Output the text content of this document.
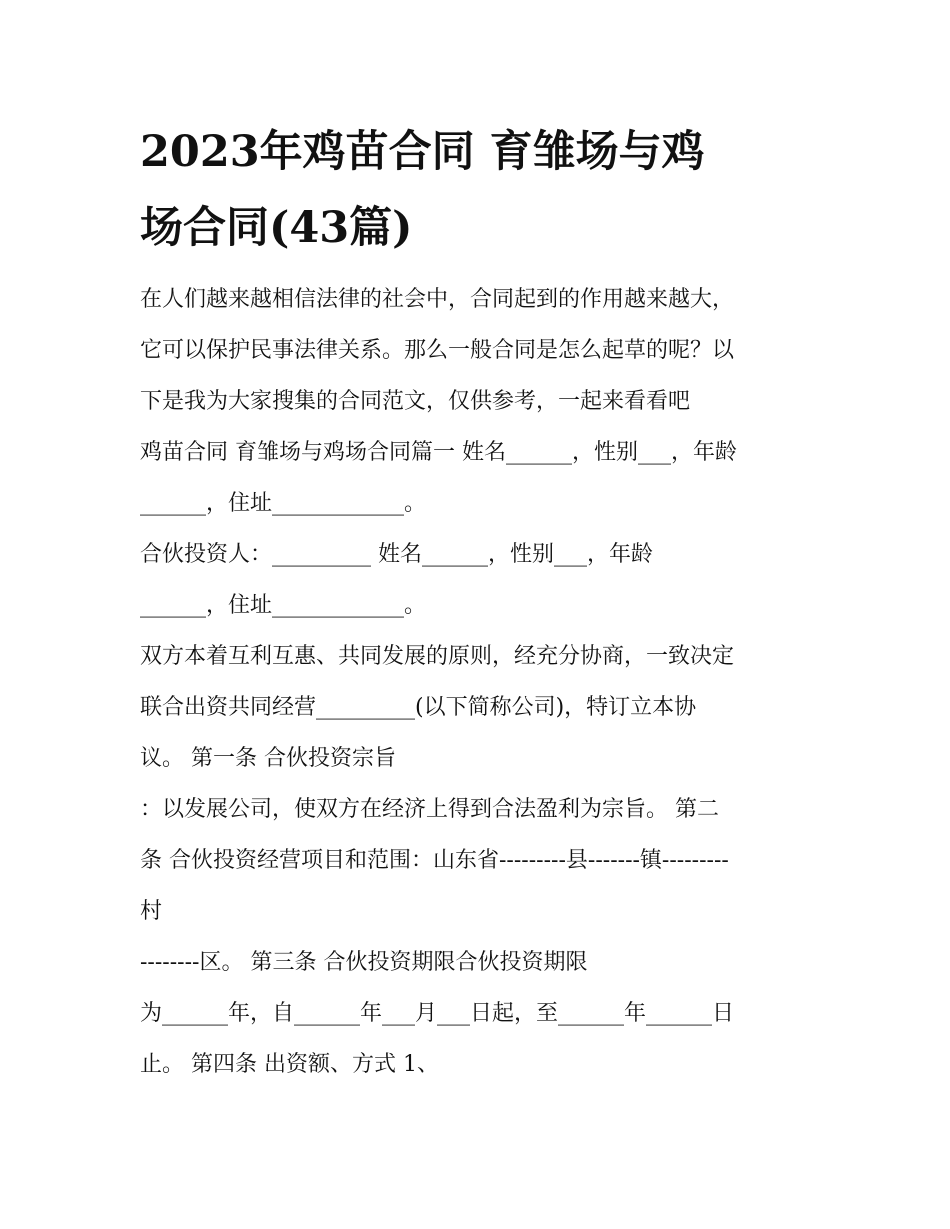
2023年鸡苗合同 育雏场与鸡
场合同(43篇)
在人们越来越相信法律的社会中，合同起到的作用越来越大，
它可以保护民事法律关系。那么一般合同是怎么起草的呢？以
下是我为大家搜集的合同范文，仅供参考，一起来看看吧
鸡苗合同 育雏场与鸡场合同篇一 姓名______，性别___，年龄
______，住址____________。
合伙投资人：_________ 姓名______，性别___，年龄
______，住址____________。
双方本着互利互惠、共同发展的原则，经充分协商，一致决定
联合出资共同经营_________(以下简称公司)，特订立本协
议。 第一条 合伙投资宗旨
：以发展公司，使双方在经济上得到合法盈利为宗旨。 第二
条 合伙投资经营项目和范围：山东省---------县-------镇---------
村
--------区。 第三条 合伙投资期限合伙投资期限
为______年，自______年___月___日起，至______年______日
止。 第四条 出资额、方式 1、
